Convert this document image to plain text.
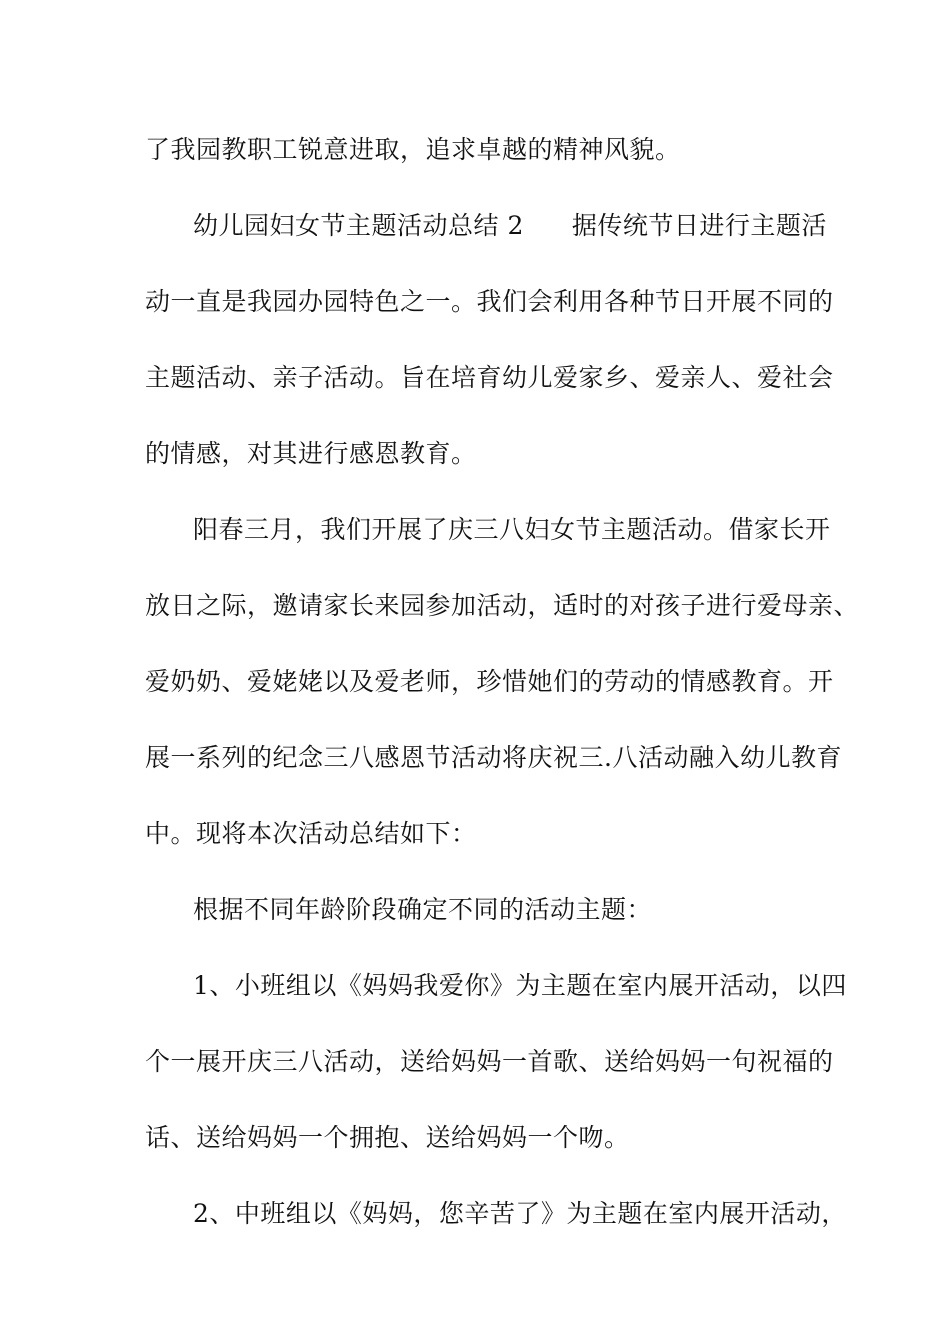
了我园教职工锐意进取，追求卓越的精神风貌。
幼儿园妇女节主题活动总结 2 据传统节日进行主题活
动一直是我园办园特色之一。我们会利用各种节日开展不同的
主题活动、亲子活动。旨在培育幼儿爱家乡、爱亲人、爱社会
的情感，对其进行感恩教育。
阳春三月，我们开展了庆三八妇女节主题活动。借家长开
放日之际，邀请家长来园参加活动，适时的对孩子进行爱母亲、
爱奶奶、爱姥姥以及爱老师，珍惜她们的劳动的情感教育。开
展一系列的纪念三八感恩节活动将庆祝三.八活动融入幼儿教育
中。现将本次活动总结如下：
根据不同年龄阶段确定不同的活动主题：
1、小班组以《妈妈我爱你》为主题在室内展开活动，以四
个一展开庆三八活动，送给妈妈一首歌、送给妈妈一句祝福的
话、送给妈妈一个拥抱、送给妈妈一个吻。
2、中班组以《妈妈，您辛苦了》为主题在室内展开活动，
